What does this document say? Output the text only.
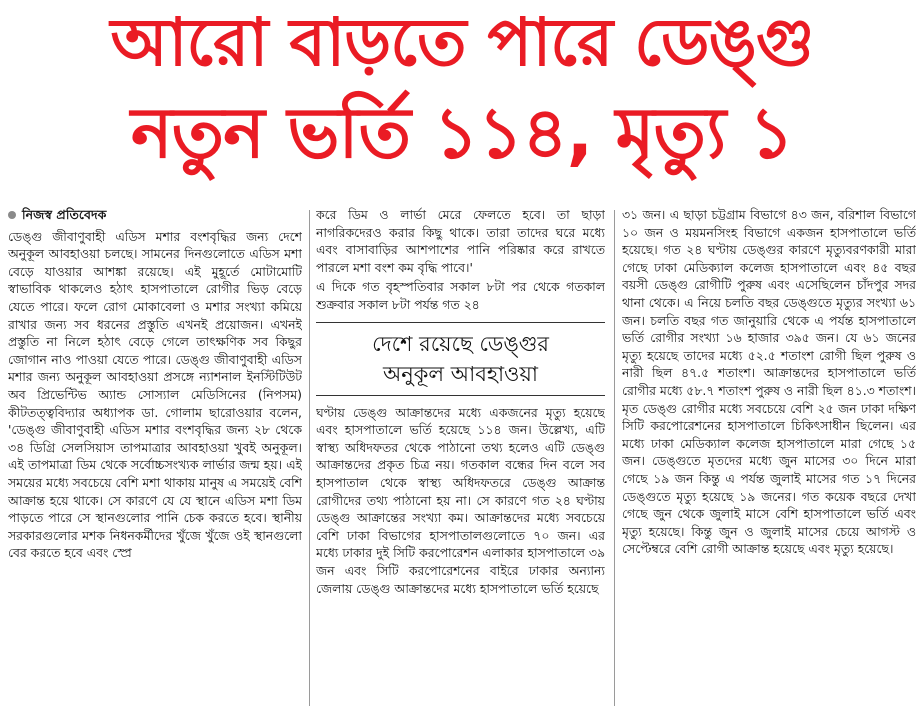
আরো বাড়তে পারে ডেঙ্গু
নতুন ভর্তি ১১৪, মৃত্যু ১
নিজস্ব প্রতিবেদক

ডেঙ্গু জীবাণুবাহী এডিস মশার বংশবৃদ্ধির জন্য দেশে অনুকূল আবহাওয়া চলছে। সামনের দিনগুলোতে এডিস মশা বেড়ে যাওয়ার আশঙ্কা রয়েছে। এই মুহূর্তে মোটামোটি স্বাভাবিক থাকলেও হঠাৎ হাসপাতালে রোগীর ভিড় বেড়ে যেতে পারে। ফলে রোগ মোকাবেলা ও মশার সংখ্যা কমিয়ে রাখার জন্য সব ধরনের প্রস্তুতি এখনই প্রয়োজন। এখনই প্রস্তুতি না নিলে হঠাৎ বেড়ে গেলে তাৎক্ষণিক সব কিছুর জোগান নাও পাওয়া যেতে পারে। ডেঙ্গু জীবাণুবাহী এডিস মশার জন্য অনুকূল আবহাওয়া প্রসঙ্গে ন্যাশনাল ইনস্টিটিউট অব প্রিভেন্টিভ অ্যান্ড সোস্যাল মেডিসিনের (নিপসম) কীটতত্ত্ববিদ্যার অধ্যাপক ডা. গোলাম ছারোওয়ার বলেন, 'ডেঙ্গু জীবাণুবাহী এডিস মশার বংশবৃদ্ধির জন্য ২৮ থেকে ৩৪ ডিগ্রি সেলসিয়াস তাপমাত্রার আবহাওয়া খুবই অনুকূল। এই তাপমাত্রা ডিম থেকে সর্বোচ্চসংখ্যক লার্ভার জন্ম হয়। এই সময়ের মধ্যে সবচেয়ে বেশি মশা থাকায় মানুষ এ সময়েই বেশি আক্রান্ত হয়ে থাকে। সে কারণে যে যে স্থানে এডিস মশা ডিম পাড়তে পারে সে স্থানগুলোর পানি চেক করতে হবে। স্থানীয় সরকারগুলোর মশক নিধনকর্মীদের খুঁজে খুঁজে ওই স্থানগুলো বের করতে হবে এবং স্প্রে

করে ডিম ও লার্ভা মেরে ফেলতে হবে। তা ছাড়া নাগরিকদেরও করার কিছু থাকে। তারা তাদের ঘরে মধ্যে এবং বাসাবাড়ির আশপাশের পানি পরিষ্কার করে রাখতে পারলে মশা বংশ কম বৃদ্ধি পাবে।'

এ দিকে গত বৃহস্পতিবার সকাল ৮টা পর থেকে গতকাল শুক্রবার সকাল ৮টা পর্যন্ত গত ২৪

দেশে রয়েছে ডেঙ্গুর
অনুকূল আবহাওয়া

ঘণ্টায় ডেঙ্গু আক্রান্তদের মধ্যে একজনের মৃত্যু হয়েছে এবং হাসপাতালে ভর্তি হয়েছে ১১৪ জন। উল্লেখ্য, এটি স্বাস্থ্য অধিদফতর থেকে পাঠানো তথ্য হলেও এটি ডেঙ্গু আক্রান্তদের প্রকৃত চিত্র নয়। গতকাল বন্ধের দিন বলে সব হাসপাতাল থেকে স্বাস্থ্য অধিদফতরে ডেঙ্গু আক্রান্ত রোগীদের তথ্য পাঠানো হয় না। সে কারণে গত ২৪ ঘণ্টায় ডেঙ্গু আক্রান্তের সংখ্যা কম। আক্রান্তদের মধ্যে সবচেয়ে বেশি ঢাকা বিভাগের হাসপাতালগুলোতে ৭০ জন। এর মধ্যে ঢাকার দুই সিটি করপোরেশন এলাকার হাসপাতালে ৩৯ জন এবং সিটি করপোরেশনের বাইরে ঢাকার অন্যান্য জেলায় ডেঙ্গু আক্রান্তদের মধ্যে হাসপাতালে ভর্তি হয়েছে

৩১ জন। এ ছাড়া চট্টগ্রাম বিভাগে ৪৩ জন, বরিশাল বিভাগে ১০ জন ও ময়মনসিংহ বিভাগে একজন হাসপাতালে ভর্তি হয়েছে। গত ২৪ ঘণ্টায় ডেঙ্গুর কারণে মৃত্যুবরণকারী মারা গেছে ঢাকা মেডিক্যাল কলেজ হাসপাতালে এবং ৪৫ বছর বয়সী ডেঙ্গু রোগীটি পুরুষ এবং এসেছিলেন চাঁদপুর সদর থানা থেকে। এ নিয়ে চলতি বছর ডেঙ্গুতে মৃত্যুর সংখ্যা ৬১ জন। চলতি বছর গত জানুয়ারি থেকে এ পর্যন্ত হাসপাতালে ভর্তি রোগীর সংখ্যা ১৬ হাজার ৩৯৫ জন। যে ৬১ জনের মৃত্যু হয়েছে তাদের মধ্যে ৫২.৫ শতাংশ রোগী ছিল পুরুষ ও নারী ছিল ৪৭.৫ শতাংশ। আক্রান্তদের হাসপাতালে ভর্তি রোগীর মধ্যে ৫৮.৭ শতাংশ পুরুষ ও নারী ছিল ৪১.৩ শতাংশ। মৃত ডেঙ্গু রোগীর মধ্যে সবচেয়ে বেশি ২৫ জন ঢাকা দক্ষিণ সিটি করপোরেশনের হাসপাতালে চিকিৎসাধীন ছিলেন। এর মধ্যে ঢাকা মেডিক্যাল কলেজ হাসপাতালে মারা গেছে ১৫ জন। ডেঙ্গুতে মৃতদের মধ্যে জুন মাসের ৩০ দিনে মারা গেছে ১৯ জন কিন্তু এ পর্যন্ত জুলাই মাসের গত ১৭ দিনের ডেঙ্গুতে মৃত্যু হয়েছে ১৯ জনের। গত কয়েক বছরে দেখা গেছে জুন থেকে জুলাই মাসে বেশি হাসপাতালে ভর্তি এবং মৃত্যু হয়েছে। কিন্তু জুন ও জুলাই মাসের চেয়ে আগস্ট ও সেপ্টেম্বরে বেশি রোগী আক্রান্ত হয়েছে এবং মৃত্যু হয়েছে।
